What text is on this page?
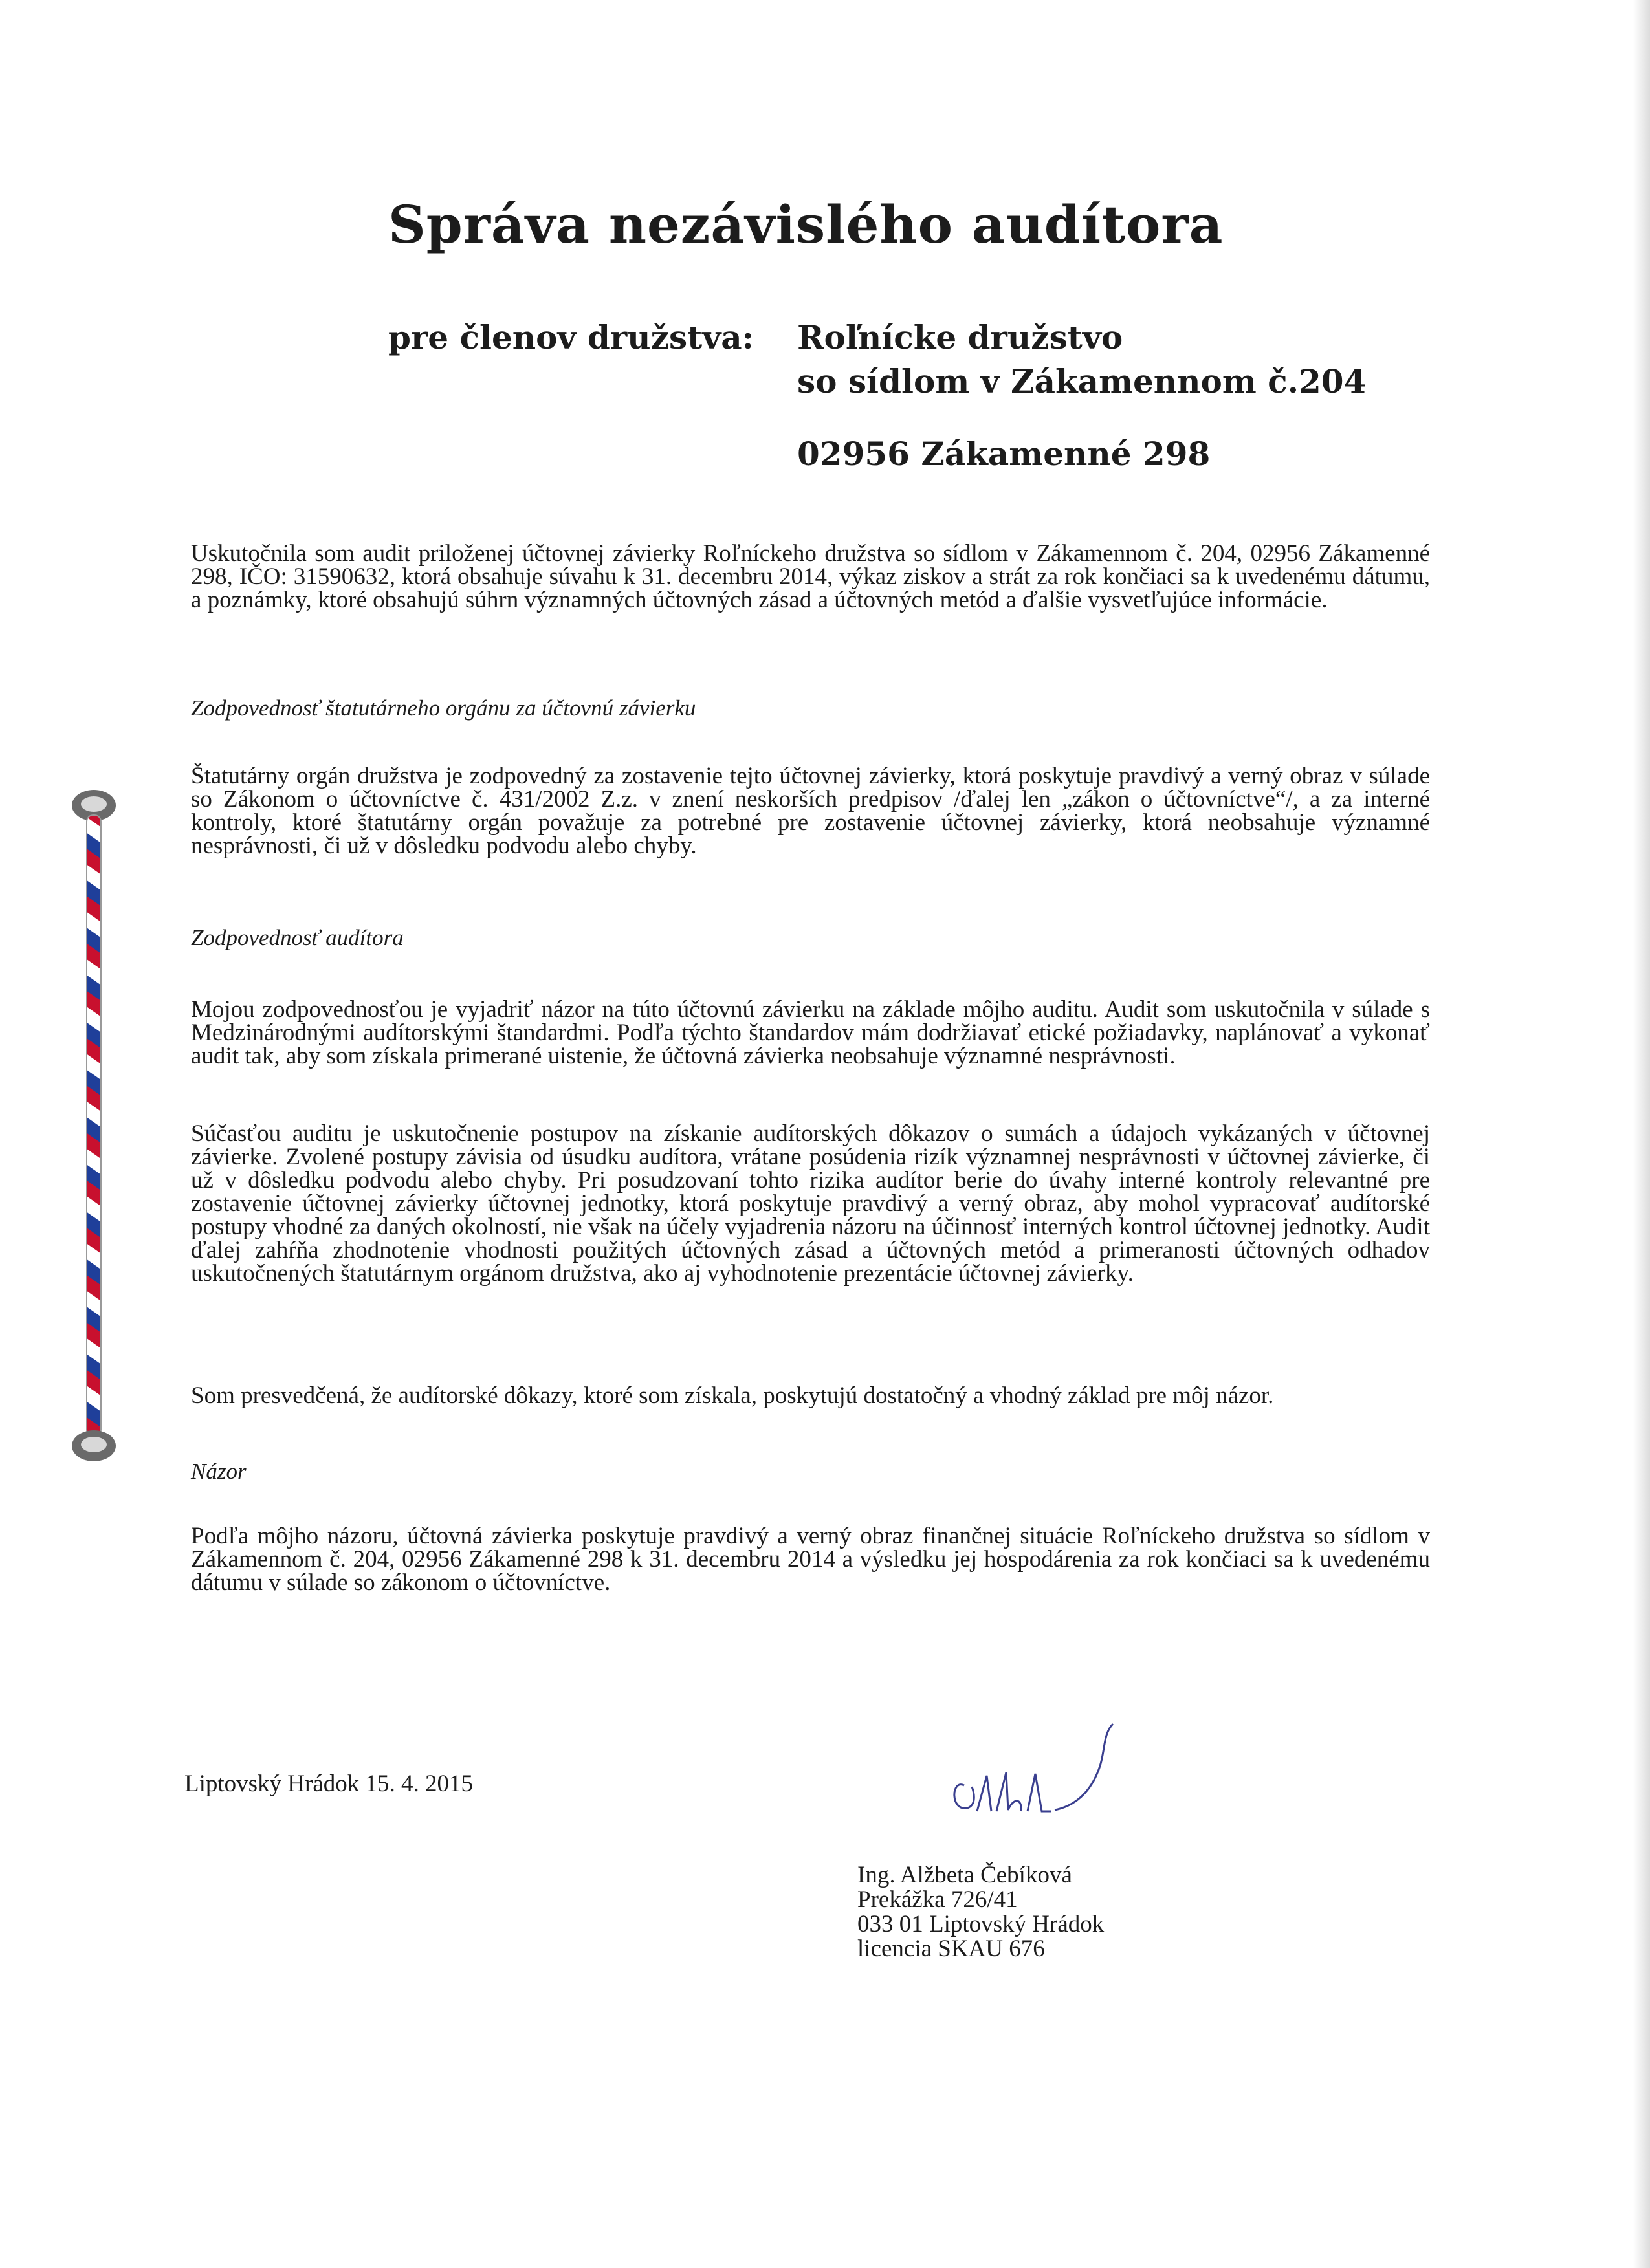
Správa nezávislého audítora
pre členov družstva: Roľnícke družstvo
so sídlom v Zákamennom č.204
02956 Zákamenné 298

Uskutočnila som audit priloženej účtovnej závierky Roľníckeho družstva so sídlom v Zákamennom č. 204, 02956 Zákamenné 298, IČO: 31590632, ktorá obsahuje súvahu k 31. decembru 2014, výkaz ziskov a strát za rok končiaci sa k uvedenému dátumu, a poznámky, ktoré obsahujú súhrn významných účtovných zásad a účtovných metód a ďalšie vysvetľujúce informácie.

Zodpovednosť štatutárneho orgánu za účtovnú závierku

Štatutárny orgán družstva je zodpovedný za zostavenie tejto účtovnej závierky, ktorá poskytuje pravdivý a verný obraz v súlade so Zákonom o účtovníctve č. 431/2002 Z.z. v znení neskorších predpisov /ďalej len „zákon o účtovníctve“/, a za interné kontroly, ktoré štatutárny orgán považuje za potrebné pre zostavenie účtovnej závierky, ktorá neobsahuje významné nesprávnosti, či už v dôsledku podvodu alebo chyby.

Zodpovednosť audítora

Mojou zodpovednosťou je vyjadriť názor na túto účtovnú závierku na základe môjho auditu. Audit som uskutočnila v súlade s Medzinárodnými audítorskými štandardmi. Podľa týchto štandardov mám dodržiavať etické požiadavky, naplánovať a vykonať audit tak, aby som získala primerané uistenie, že účtovná závierka neobsahuje významné nesprávnosti.

Súčasťou auditu je uskutočnenie postupov na získanie audítorských dôkazov o sumách a údajoch vykázaných v účtovnej závierke. Zvolené postupy závisia od úsudku audítora, vrátane posúdenia rizík významnej nesprávnosti v účtovnej závierke, či už v dôsledku podvodu alebo chyby. Pri posudzovaní tohto rizika audítor berie do úvahy interné kontroly relevantné pre zostavenie účtovnej závierky účtovnej jednotky, ktorá poskytuje pravdivý a verný obraz, aby mohol vypracovať audítorské postupy vhodné za daných okolností, nie však na účely vyjadrenia názoru na účinnosť interných kontrol účtovnej jednotky. Audit ďalej zahŕňa zhodnotenie vhodnosti použitých účtovných zásad a účtovných metód a primeranosti účtovných odhadov uskutočnených štatutárnym orgánom družstva, ako aj vyhodnotenie prezentácie účtovnej závierky.

Som presvedčená, že audítorské dôkazy, ktoré som získala, poskytujú dostatočný a vhodný základ pre môj názor.

Názor

Podľa môjho názoru, účtovná závierka poskytuje pravdivý a verný obraz finančnej situácie Roľníckeho družstva so sídlom v Zákamennom č. 204, 02956 Zákamenné 298 k 31. decembru 2014 a výsledku jej hospodárenia za rok končiaci sa k uvedenému dátumu v súlade so zákonom o účtovníctve.

Liptovský Hrádok 15. 4. 2015
Ing. Alžbeta Čebíková
Prekážka 726/41
033 01 Liptovský Hrádok
licencia SKAU 676
